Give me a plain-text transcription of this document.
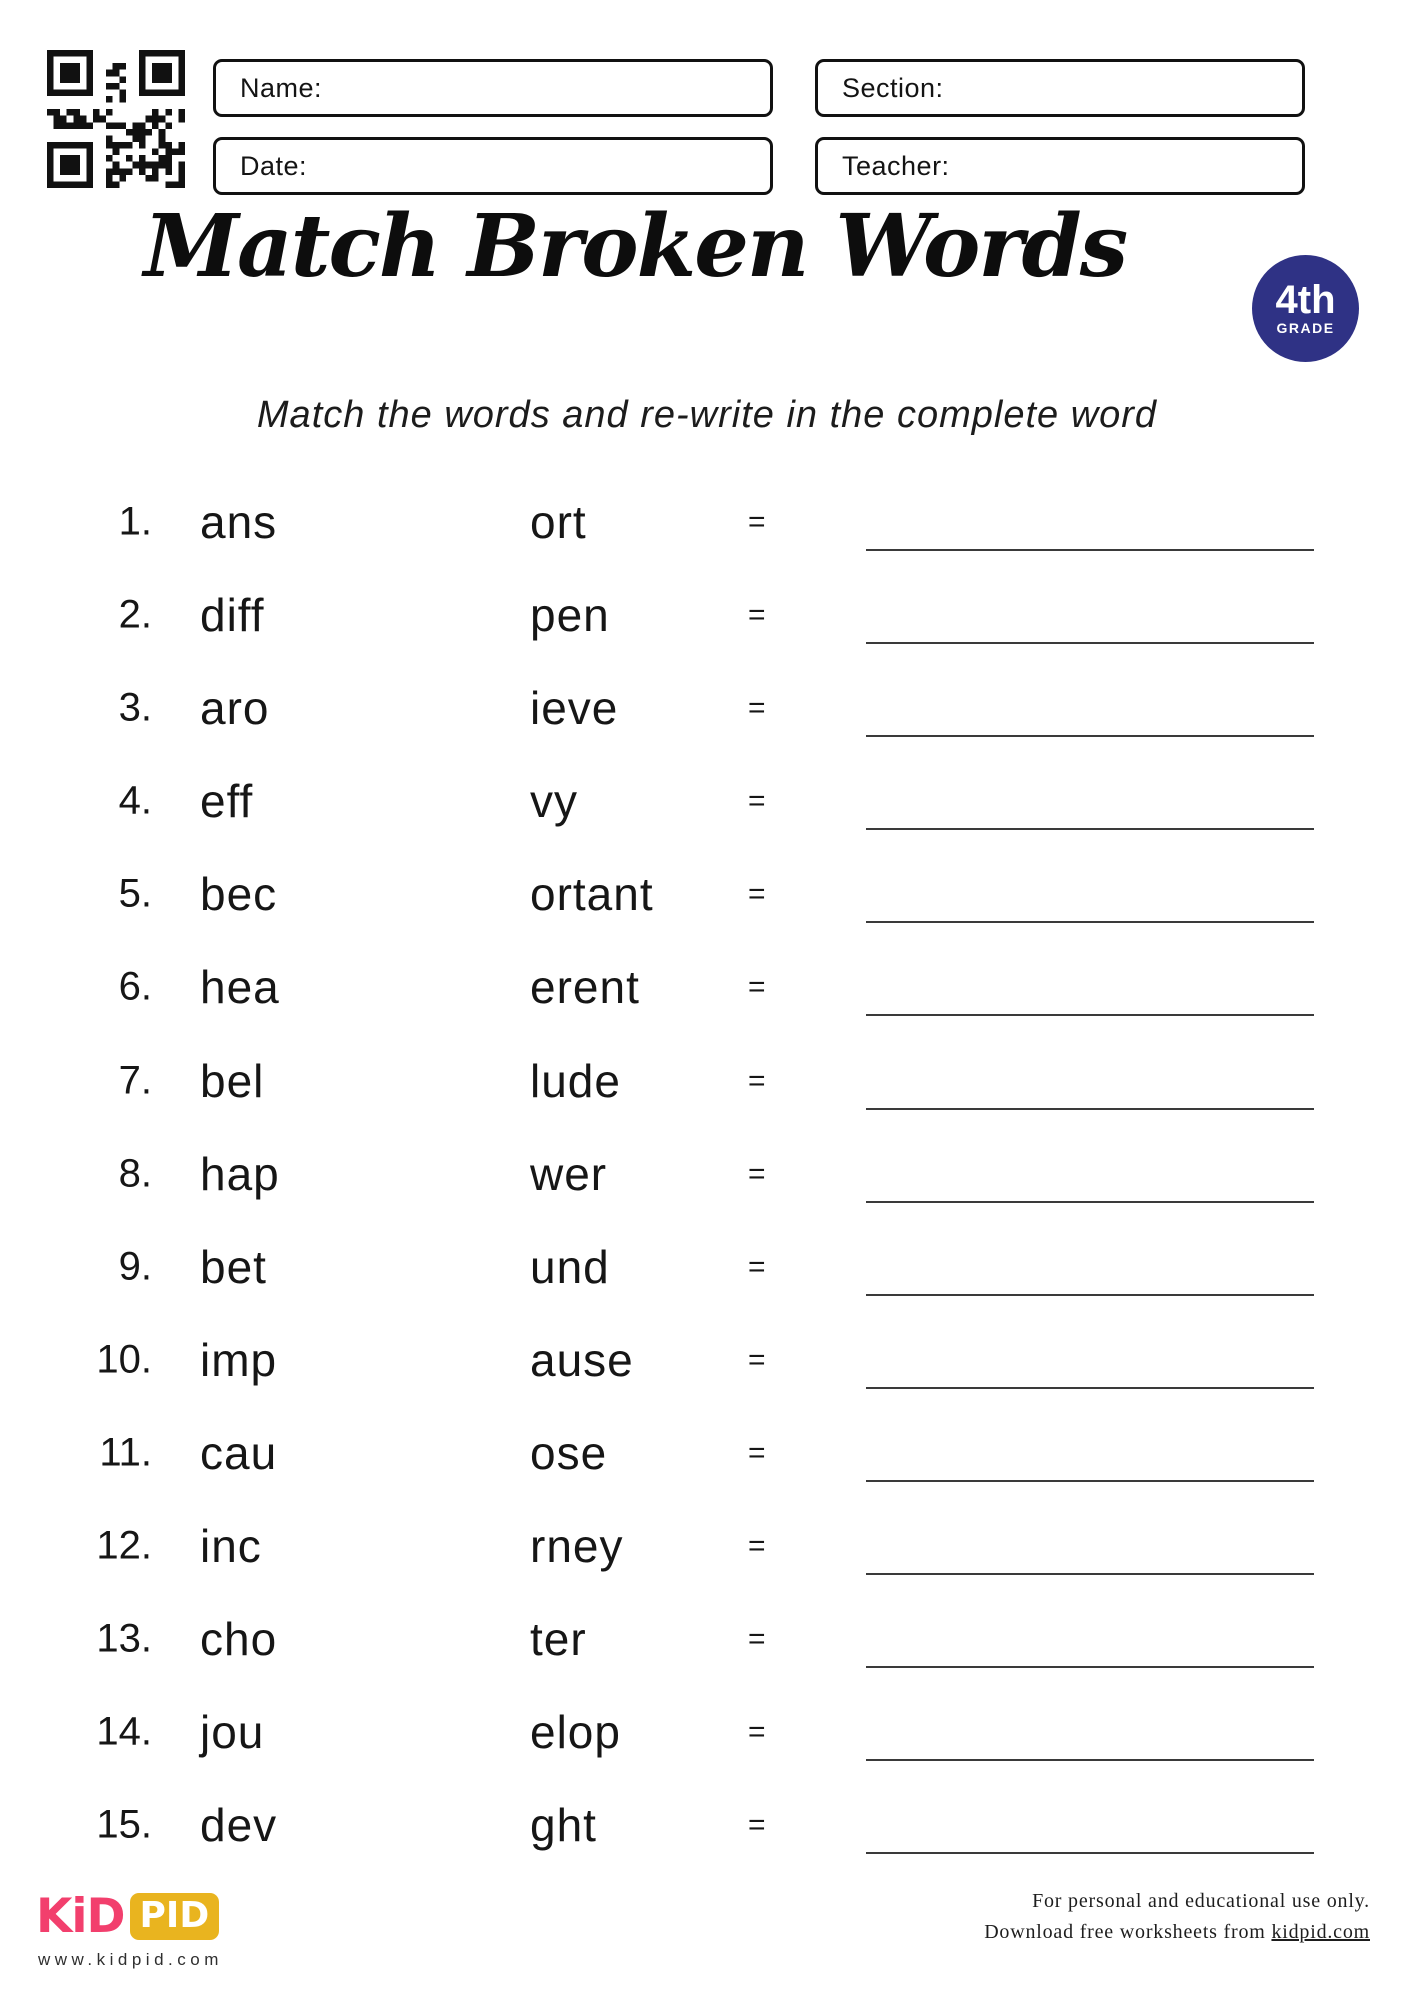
Name:	Section:
Date:	Teacher:
Match Broken Words
4th
GRADE
Match the words and re-write in the complete word
1. ans	ort	=
2. diff	pen	=
3. aro	ieve	=
4. eff	vy	=
5. bec	ortant	=
6. hea	erent	=
7. bel	lude	=
8. hap	wer	=
9. bet	und	=
10. imp	ause	=
11. cau	ose	=
12. inc	rney	=
13. cho	ter	=
14. jou	elop	=
15. dev	ght	=
KiD PID
www.kidpid.com
For personal and educational use only.
Download free worksheets from kidpid.com
